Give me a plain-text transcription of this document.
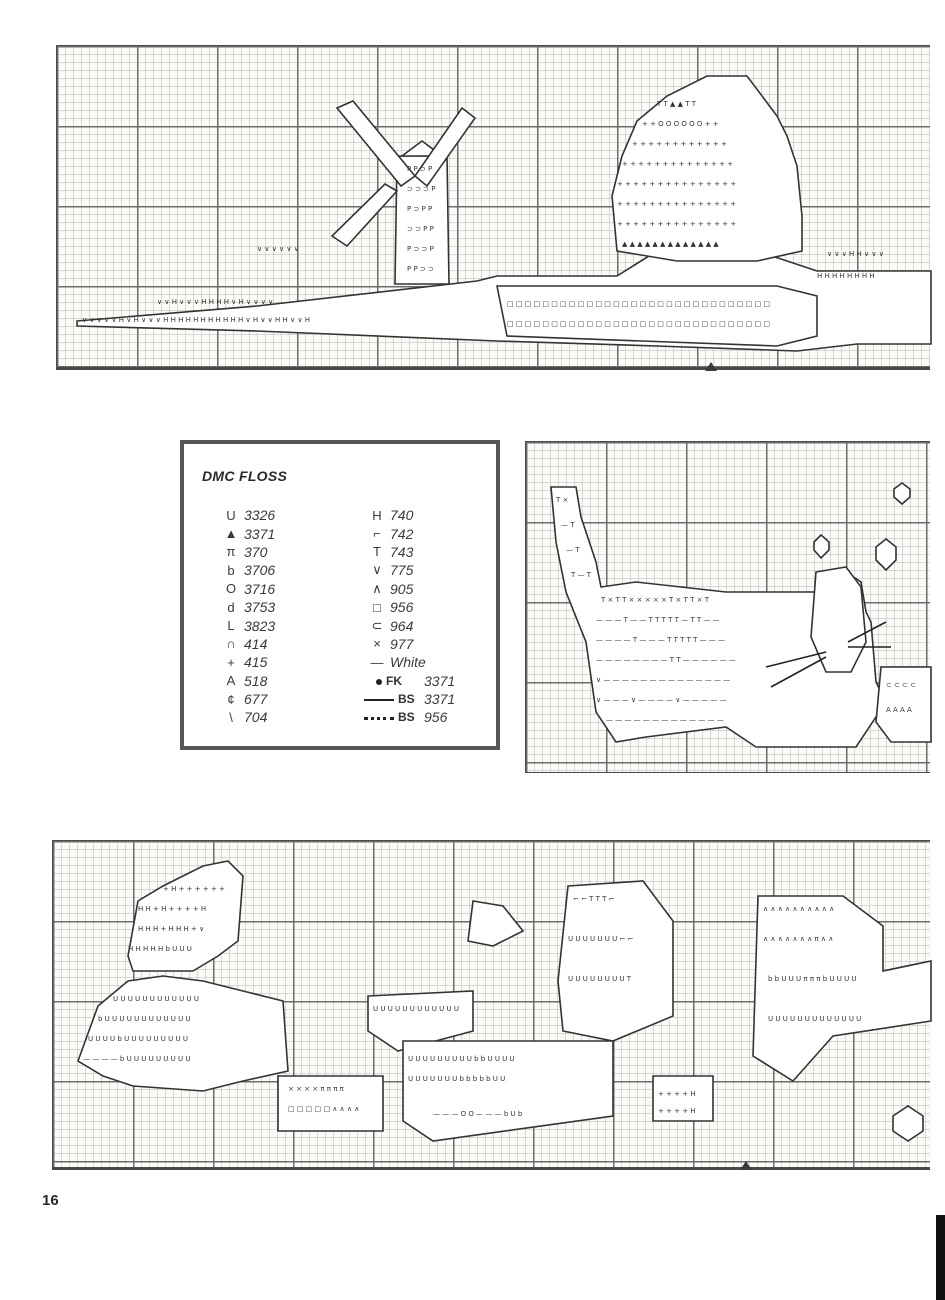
P P ⊃ P
⊃ ⊃ ⊃ P
P ⊃ P P
⊃ ⊃ P P
P ⊃ ⊃ P
P P ⊃ ⊃
T T ▲ ▲ T T
+ + O O O O O O + +
+ + + + + + + + + + + +
+ + + + + + + + + + + + + +
+ + + + + + + + + + + + + + +
+ + + + + + + + + + + + + + +
+ + + + + + + + + + + + + + +
▲ ▲ ▲ ▲ ▲ ▲ ▲ ▲ ▲ ▲ ▲ ▲ ▲
□ □ □ □ □ □ □ □ □ □ □ □ □ □ □ □ □ □ □ □ □ □ □ □ □ □ □ □ □ □
□ □ □ □ □ □ □ □ □ □ □ □ □ □ □ □ □ □ □ □ □ □ □ □ □ □ □ □ □ □
∨ ∨ ∨ ∨ ∨ H ∨ H ∨ ∨ ∨ H H H H H H H H H H H ∨ H ∨ ∨ H H ∨ ∨ H
∨ ∨ H ∨ ∨ ∨ H H H H ∨ H ∨ ∨ ∨ ∨
∨ ∨ ∨ ∨ ∨ ∨
∨ ∨ ∨ H H ∨ ∨ ∨
H H H H H H H H
DMC FLOSS
U 3326
▲ 3371
π 370
b 3706
O 3716
d 3753
L 3823
∩ 414
+ 415
A 518
¢ 677
\ 704
H 740
⌐ 742
T 743
∨ 775
∧ 905
□ 956
⊂ 964
× 977
— White
FK	3371
BS 3371
BS 956
T ×
— T
— T
T — T
T × T T × × × × × T × T T × T
— — — T — — T T T T T — T T — —
— — — — T — — — T T T T T — — —
— — — — — — — — T T — — — — — —
∨ — — — — — — — — — — — — — —
∨ — — — ∨ — — — — ∨ — — — — —
— — — — — — — — — — — — —
⊂ ⊂ ⊂ ⊂
A A A A
+ H + + + + + +
H H + H + + + + H
H H H + H H H + ∨
H H H H H b U U U
U U U U U U U U U U U U
b U U U U U U U U U U U U
U U U U b U U U U U U U U U
— — — — b U U U U U U U U U
× × × × π π π π
□ □ □ □ □ ∧ ∧ ∧ ∧
U U U U U U U U U U U U
U U U U U U U U U b b U U U U
U U U U U U U b b b b b U U
— — — O O — — — b U b
⌐ ⌐ T T T ⌐
U U U U U U U ⌐ ⌐
U U U U U U U U T
+ + + + H
+ + + + H
∧ ∧ ∧ ∧ ∧ ∧ ∧ ∧ ∧ ∧
∧ ∧ ∧ ∧ ∧ ∧ ∧ π ∧ ∧
b b U U U π π π b U U U U
U U U U U U U U U U U U U
16
